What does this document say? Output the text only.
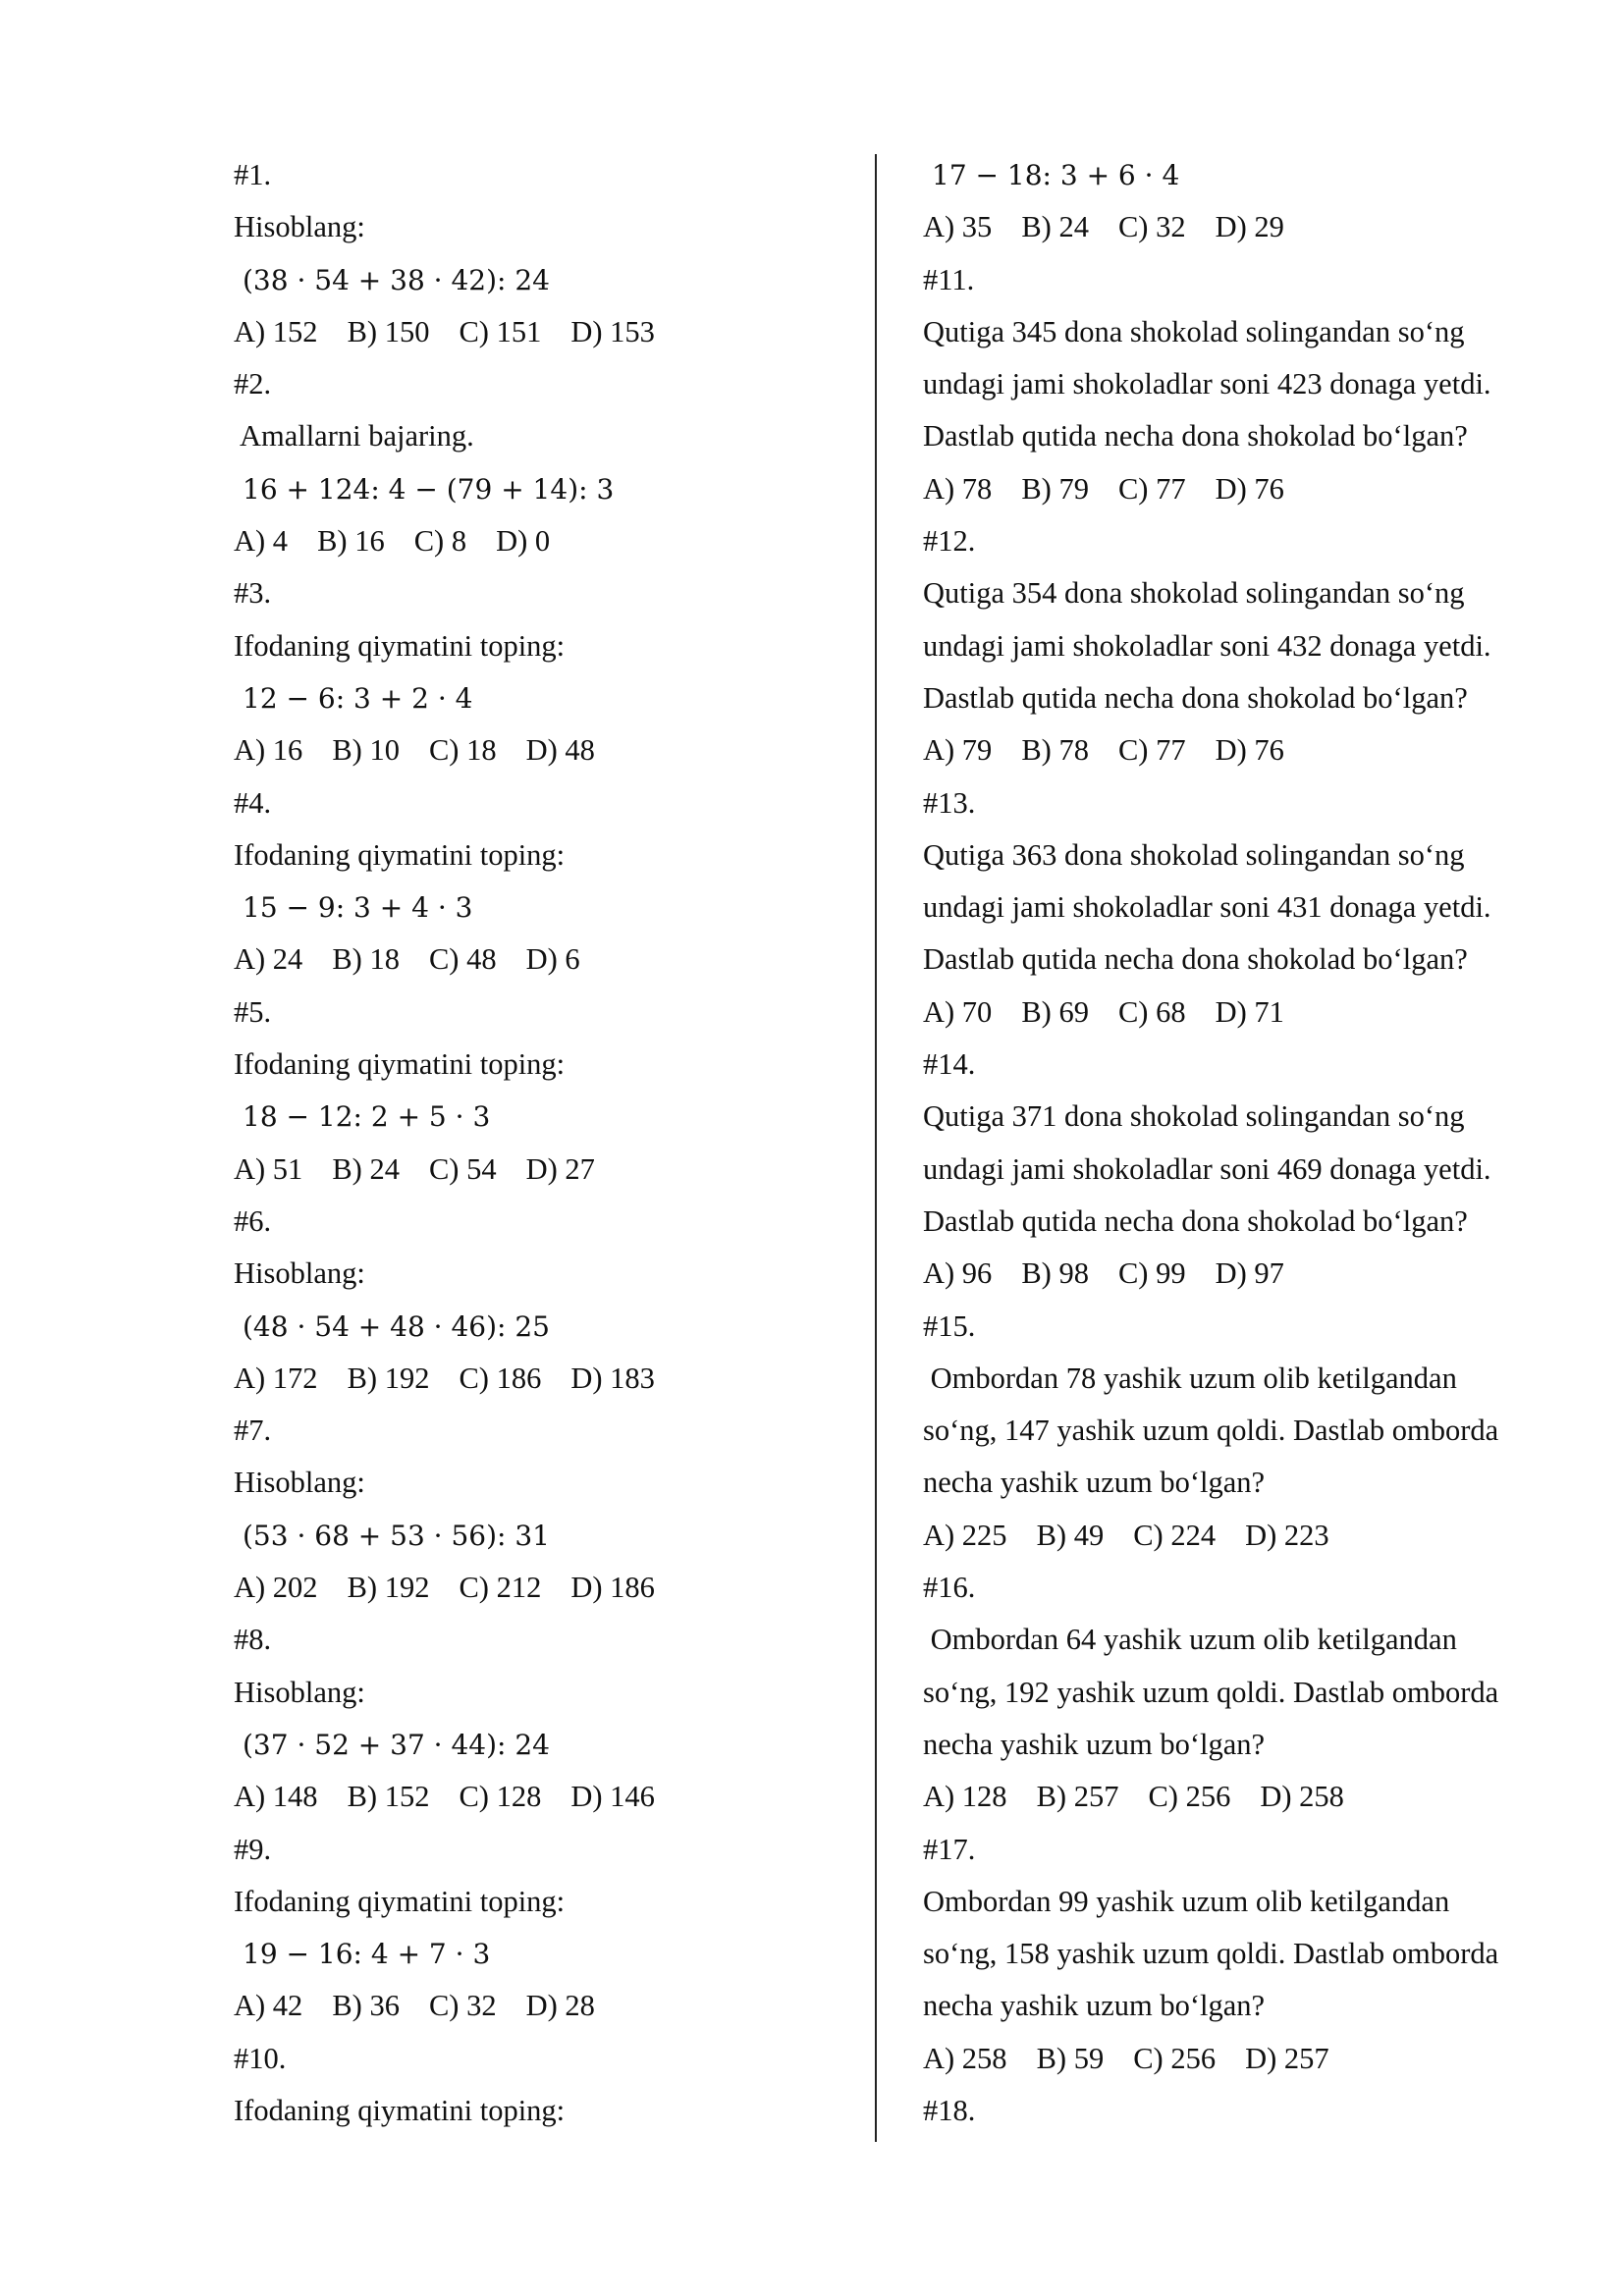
#1.
Hisoblang:
(38 · 54 + 38 · 42): 24
A) 152 B) 150 C) 151 D) 153
#2.
Amallarni bajaring.
16 + 124: 4 − (79 + 14): 3
A) 4 B) 16 C) 8 D) 0
#3.
Ifodaning qiymatini toping:
12 − 6: 3 + 2 · 4
A) 16 B) 10 C) 18 D) 48
#4.
Ifodaning qiymatini toping:
15 − 9: 3 + 4 · 3
A) 24 B) 18 C) 48 D) 6
#5.
Ifodaning qiymatini toping:
18 − 12: 2 + 5 · 3
A) 51 B) 24 C) 54 D) 27
#6.
Hisoblang:
(48 · 54 + 48 · 46): 25
A) 172 B) 192 C) 186 D) 183
#7.
Hisoblang:
(53 · 68 + 53 · 56): 31
A) 202 B) 192 C) 212 D) 186
#8.
Hisoblang:
(37 · 52 + 37 · 44): 24
A) 148 B) 152 C) 128 D) 146
#9.
Ifodaning qiymatini toping:
19 − 16: 4 + 7 · 3
A) 42 B) 36 C) 32 D) 28
#10.
Ifodaning qiymatini toping:
17 − 18: 3 + 6 · 4
A) 35 B) 24 C) 32 D) 29
#11.
Qutiga 345 dona shokolad solingandan so‘ng
undagi jami shokoladlar soni 423 donaga yetdi.
Dastlab qutida necha dona shokolad bo‘lgan?
A) 78 B) 79 C) 77 D) 76
#12.
Qutiga 354 dona shokolad solingandan so‘ng
undagi jami shokoladlar soni 432 donaga yetdi.
Dastlab qutida necha dona shokolad bo‘lgan?
A) 79 B) 78 C) 77 D) 76
#13.
Qutiga 363 dona shokolad solingandan so‘ng
undagi jami shokoladlar soni 431 donaga yetdi.
Dastlab qutida necha dona shokolad bo‘lgan?
A) 70 B) 69 C) 68 D) 71
#14.
Qutiga 371 dona shokolad solingandan so‘ng
undagi jami shokoladlar soni 469 donaga yetdi.
Dastlab qutida necha dona shokolad bo‘lgan?
A) 96 B) 98 C) 99 D) 97
#15.
Ombordan 78 yashik uzum olib ketilgandan
so‘ng, 147 yashik uzum qoldi. Dastlab omborda
necha yashik uzum bo‘lgan?
A) 225 B) 49 C) 224 D) 223
#16.
Ombordan 64 yashik uzum olib ketilgandan
so‘ng, 192 yashik uzum qoldi. Dastlab omborda
necha yashik uzum bo‘lgan?
A) 128 B) 257 C) 256 D) 258
#17.
Ombordan 99 yashik uzum olib ketilgandan
so‘ng, 158 yashik uzum qoldi. Dastlab omborda
necha yashik uzum bo‘lgan?
A) 258 B) 59 C) 256 D) 257
#18.
